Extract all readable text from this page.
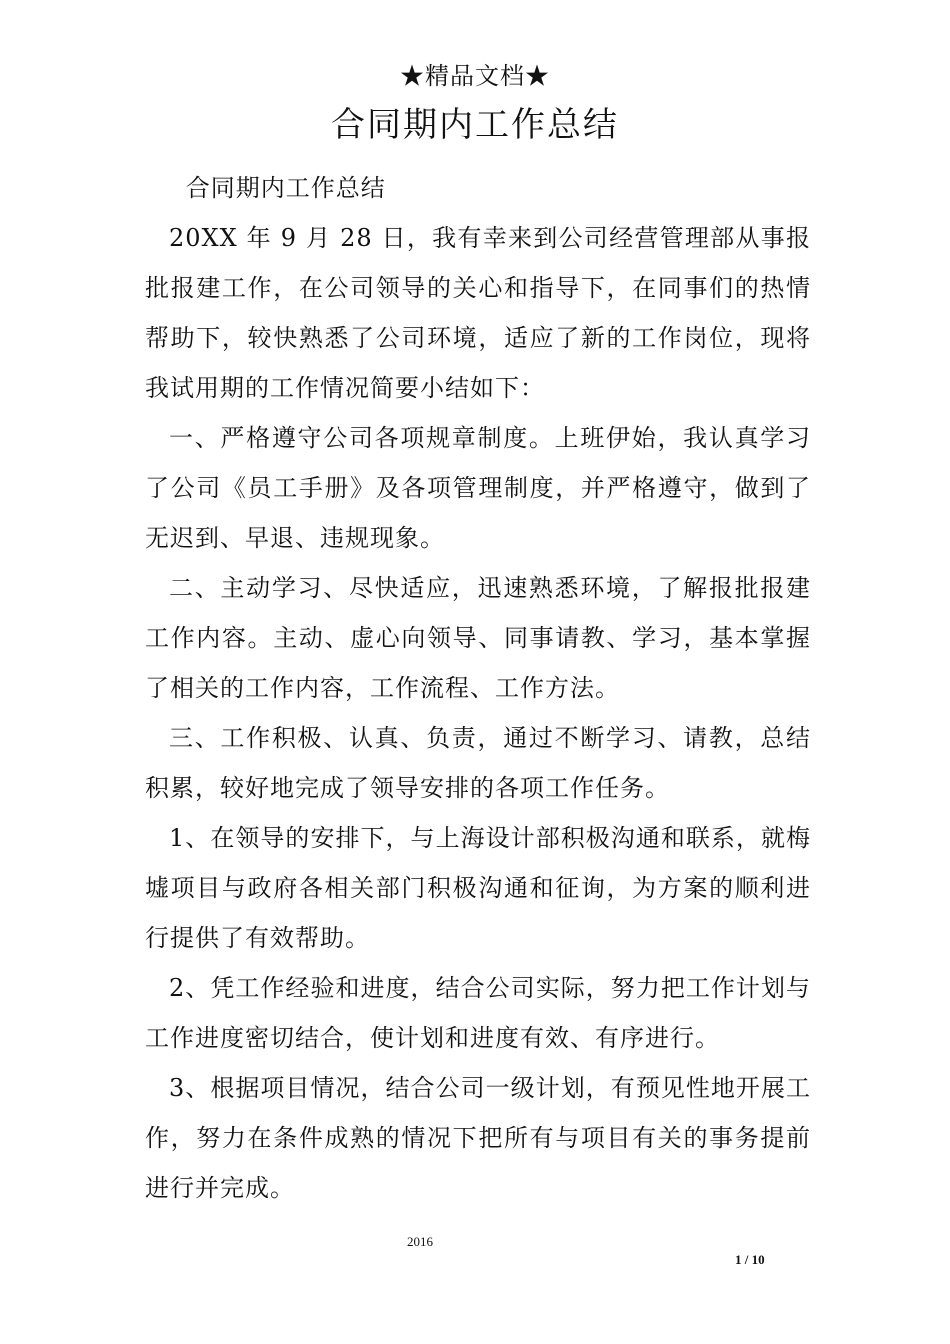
★精品文档★
合同期内工作总结

合同期内工作总结

20XX 年 9 月 28 日，我有幸来到公司经营管理部从事报批报建工作，在公司领导的关心和指导下，在同事们的热情帮助下，较快熟悉了公司环境，适应了新的工作岗位，现将我试用期的工作情况简要小结如下：

一、严格遵守公司各项规章制度。上班伊始，我认真学习了公司《员工手册》及各项管理制度，并严格遵守，做到了无迟到、早退、违规现象。

二、主动学习、尽快适应，迅速熟悉环境，了解报批报建工作内容。主动、虚心向领导、同事请教、学习，基本掌握了相关的工作内容，工作流程、工作方法。

三、工作积极、认真、负责，通过不断学习、请教，总结积累，较好地完成了领导安排的各项工作任务。

1、在领导的安排下，与上海设计部积极沟通和联系，就梅墟项目与政府各相关部门积极沟通和征询，为方案的顺利进行提供了有效帮助。

2、凭工作经验和进度，结合公司实际，努力把工作计划与工作进度密切结合，使计划和进度有效、有序进行。

3、根据项目情况，结合公司一级计划，有预见性地开展工作，努力在条件成熟的情况下把所有与项目有关的事务提前进行并完成。

2016
1 / 10
